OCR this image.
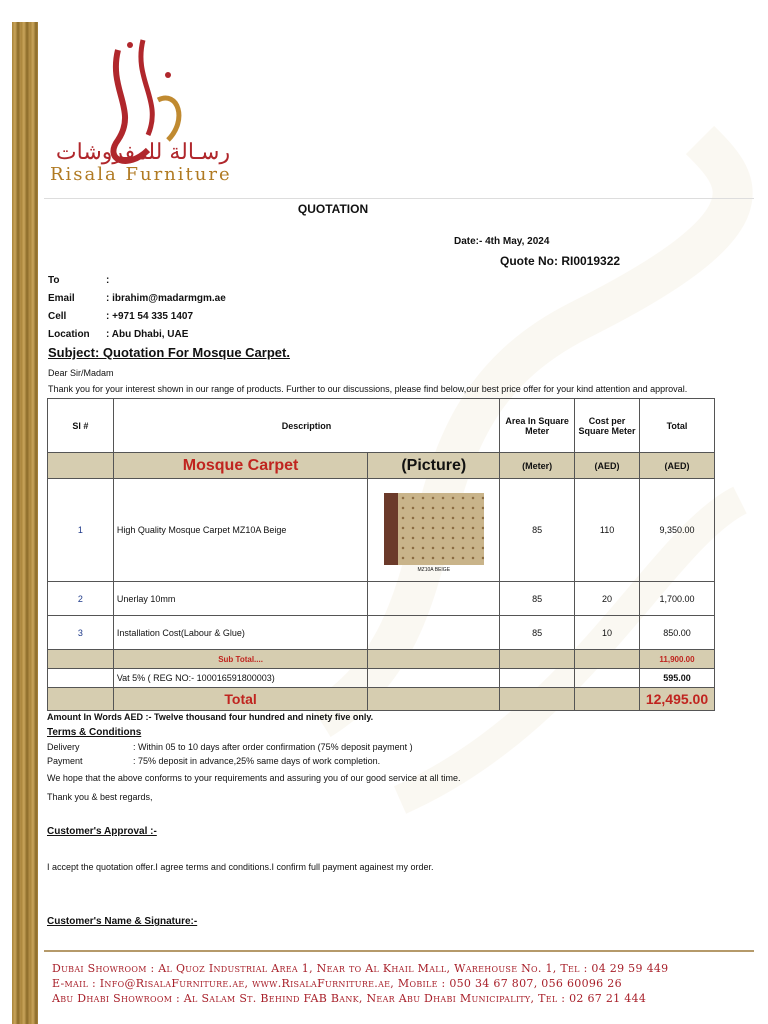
رسـالة للمفروشات
Risala Furniture
QUOTATION
Date:- 4th May, 2024
Quote No: RI0019322
To	:
Email	: ibrahim@madarmgm.ae
Cell	: +971 54 335 1407
Location	: Abu Dhabi, UAE
Subject: Quotation For Mosque Carpet.
Dear Sir/Madam
Thank you for your interest shown in our range of products. Further to our discussions, please find below,our best price offer for your kind attention and approval.
Sl #	Description		Area In Square Meter	Cost per Square Meter	Total
	Mosque Carpet	(Picture)	(Meter)	(AED)	(AED)
1	High Quality Mosque Carpet MZ10A Beige	MZ10A BEIGE	85	110	9,350.00
2	Unerlay 10mm		85	20	1,700.00
3	Installation Cost(Labour & Glue)		85	10	850.00
	Sub Total....				11,900.00
	Vat 5% ( REG NO:- 100016591800003)				595.00
	Total				12,495.00
Amount In Words AED :- Twelve thousand four hundred and ninety five only.
Terms & Conditions
Delivery	: Within 05 to 10 days after order confirmation (75% deposit payment )
Payment	: 75% deposit in advance,25% same days of work completion.
We hope that the above conforms to your requirements and assuring you of our good service at all time.
Thank you & best regards,
Customer's Approval :-
I accept the quotation offer.I agree terms and conditions.I confirm full payment againest my order.
Customer's Name & Signature:-
Dubai Showroom : Al Quoz Industrial Area 1, Near to Al Khail Mall, Warehouse No. 1, Tel : 04 29 59 449
E-mail : Info@RisalaFurniture.ae, www.RisalaFurniture.ae, Mobile : 050 34 67 807, 056 60096 26
Abu Dhabi Showroom : Al Salam St. Behind FAB Bank, Near Abu Dhabi Municipality, Tel : 02 67 21 444
